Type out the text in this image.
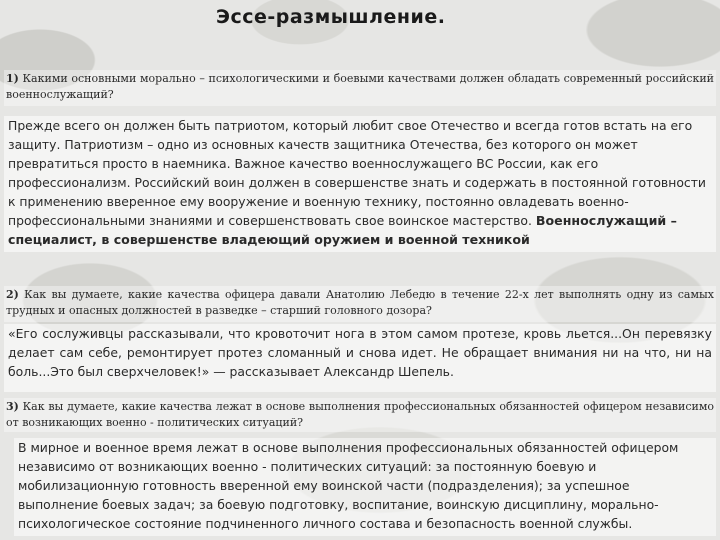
Эссе-размышление.
1) Какими основными морально – психологическими и боевыми качествами должен обладать современный российский военнослужащий?
Прежде всего он должен быть патриотом, который любит свое Отечество и всегда готов встать на его защиту. Патриотизм – одно из основных качеств защитника Отечества, без которого он может превратиться просто в наемника. Важное качество военнослужащего ВС России, как его профессионализм. Российский воин должен в совершенстве знать и содержать в постоянной готовности к применению вверенное ему вооружение и военную технику, постоянно овладевать военно-профессиональными знаниями и совершенствовать свое воинское мастерство. Военнослужащий – специалист, в совершенстве владеющий оружием и военной техникой
2) Как вы думаете, какие качества офицера давали Анатолию Лебедю в течение 22-х лет выполнять одну из самых трудных и опасных должностей в разведке – старший головного дозора?
«Его сослуживцы рассказывали, что кровоточит нога в этом самом протезе, кровь льется...Он перевязку делает сам себе, ремонтирует протез сломанный и снова идет. Не обращает внимания ни на что, ни на боль...Это был сверхчеловек!» — рассказывает Александр Шепель.
3) Как вы думаете, какие качества лежат в основе выполнения профессиональных обязанностей офицером независимо от возникающих военно - политических ситуаций?
В мирное и военное время лежат в основе выполнения профессиональных обязанностей офицером независимо от возникающих военно - политических ситуаций: за постоянную боевую и мобилизационную готовность вверенной ему воинской части (подразделения); за успешное выполнение боевых задач; за боевую подготовку, воспитание, воинскую дисциплину, морально-психологическое состояние подчиненного личного состава и безопасность военной службы.
